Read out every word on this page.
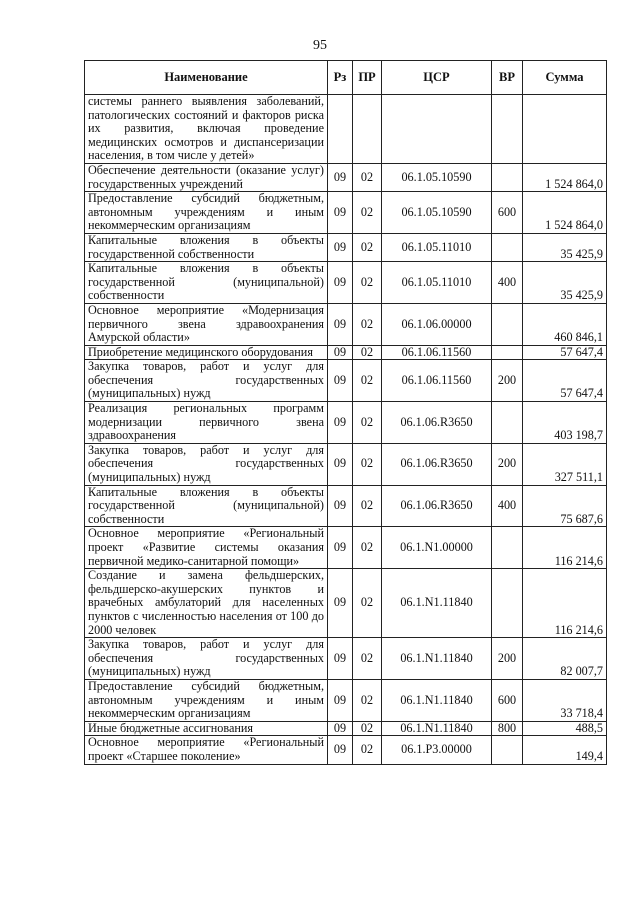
95
Наименование	Рз	ПР	ЦСР	ВР	Сумма
системы раннего выявления заболеваний, патологических состояний и факторов риска их развития, включая проведение медицинских осмотров и диспансеризации населения, в том числе у детей»					
Обеспечение деятельности (оказание услуг) государственных учреждений	09	02	06.1.05.10590		1 524 864,0
Предоставление субсидий бюджетным, автономным учреждениям и иным некоммерческим организациям	09	02	06.1.05.10590	600	1 524 864,0
Капитальные вложения в объекты государственной собственности	09	02	06.1.05.11010		35 425,9
Капитальные вложения в объекты государственной (муниципальной) собственности	09	02	06.1.05.11010	400	35 425,9
Основное мероприятие «Модернизация первичного звена здравоохранения Амурской области»	09	02	06.1.06.00000		460 846,1
Приобретение медицинского оборудования	09	02	06.1.06.11560		57 647,4
Закупка товаров, работ и услуг для обеспечения государственных (муниципальных) нужд	09	02	06.1.06.11560	200	57 647,4
Реализация региональных программ модернизации первичного звена здравоохранения	09	02	06.1.06.R3650		403 198,7
Закупка товаров, работ и услуг для обеспечения государственных (муниципальных) нужд	09	02	06.1.06.R3650	200	327 511,1
Капитальные вложения в объекты государственной (муниципальной) собственности	09	02	06.1.06.R3650	400	75 687,6
Основное мероприятие «Региональный проект «Развитие системы оказания первичной медико-санитарной помощи»	09	02	06.1.N1.00000		116 214,6
Создание и замена фельдшерских, фельдшерско-акушерских пунктов и врачебных амбулаторий для населенных пунктов с численностью населения от 100 до 2000 человек	09	02	06.1.N1.11840		116 214,6
Закупка товаров, работ и услуг для обеспечения государственных (муниципальных) нужд	09	02	06.1.N1.11840	200	82 007,7
Предоставление субсидий бюджетным, автономным учреждениям и иным некоммерческим организациям	09	02	06.1.N1.11840	600	33 718,4
Иные бюджетные ассигнования	09	02	06.1.N1.11840	800	488,5
Основное мероприятие «Региональный проект «Старшее поколение»	09	02	06.1.P3.00000		149,4
